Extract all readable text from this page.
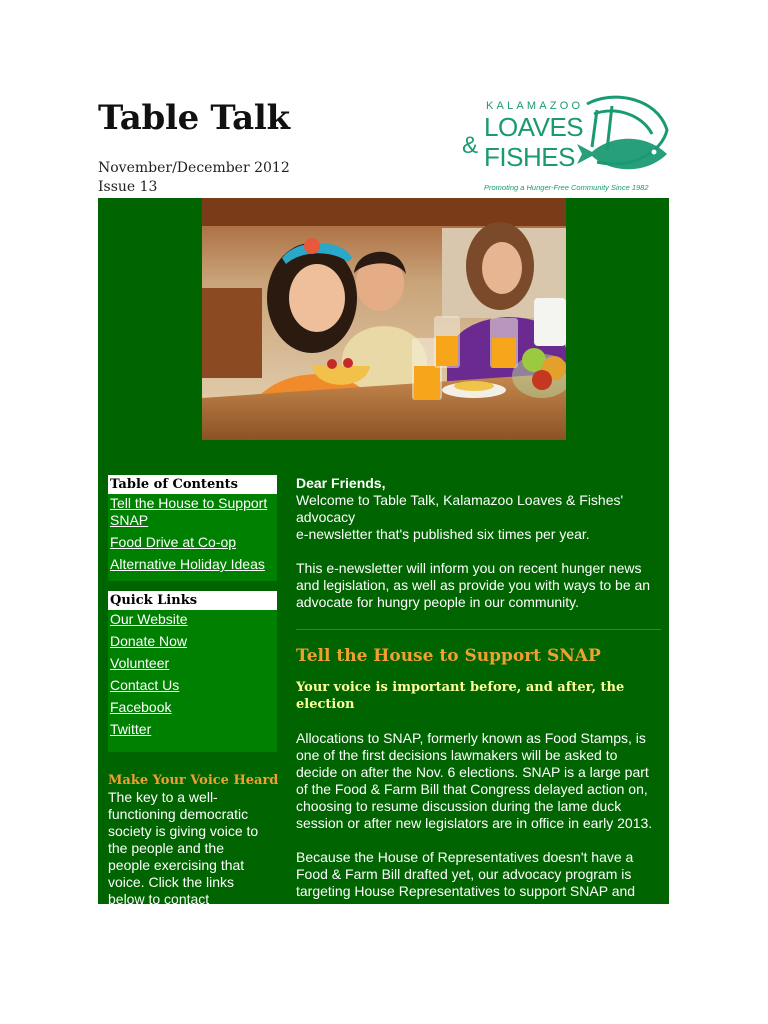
Table Talk
November/December 2012
Issue 13
KALAMAZOO
LOAVES
& FISHES
Promoting a Hunger-Free Community Since 1982
Table of Contents
Tell the House to Support SNAP
Food Drive at Co-op
Alternative Holiday Ideas
Quick Links
Our Website
Donate Now
Volunteer
Contact Us
Facebook
Twitter
Make Your Voice Heard
The key to a well-functioning democratic society is giving voice to the people and the people exercising that voice. Click the links below to contact

Dear Friends,

Welcome to Table Talk, Kalamazoo Loaves & Fishes' advocacy

e-newsletter that's published six times per year.

This e-newsletter will inform you on recent hunger news and legislation, as well as provide you with ways to be an advocate for hungry people in our community.

Tell the House to Support SNAP

Your voice is important before, and after, the election

Allocations to SNAP, formerly known as Food Stamps, is one of the first decisions lawmakers will be asked to decide on after the Nov. 6 elections. SNAP is a large part of the Food & Farm Bill that Congress delayed action on, choosing to resume discussion during the lame duck session or after new legislators are in office in early 2013.

Because the House of Representatives doesn't have a Food & Farm Bill drafted yet, our advocacy program is targeting House Representatives to support SNAP and
